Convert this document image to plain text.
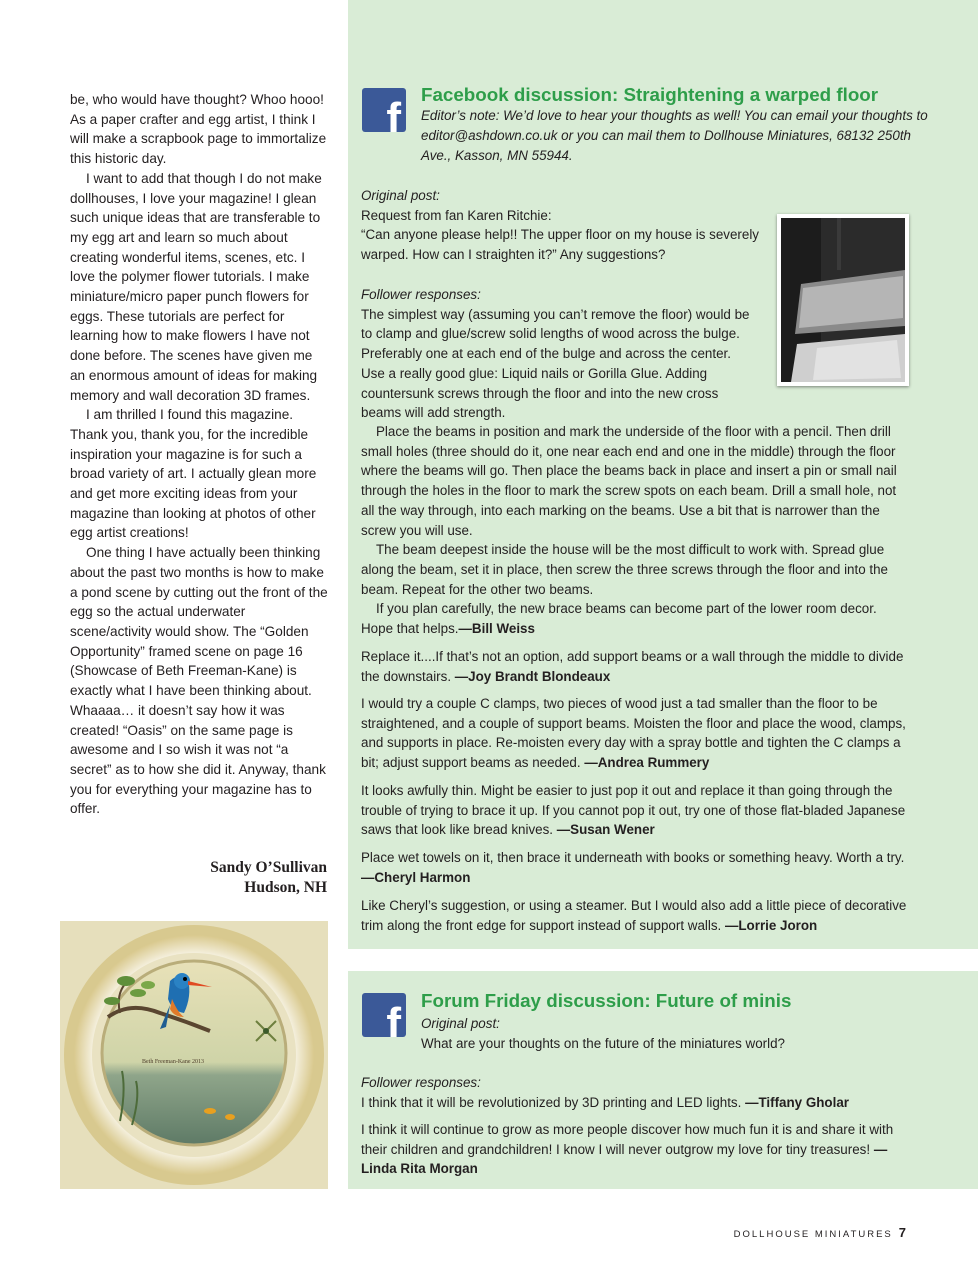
be, who would have thought? Whoo hooo! As a paper crafter and egg artist, I think I will make a scrapbook page to immortalize this historic day.

I want to add that though I do not make dollhouses, I love your magazine! I glean such unique ideas that are transferable to my egg art and learn so much about creating wonderful items, scenes, etc. I love the polymer flower tutorials. I make miniature/micro paper punch flowers for eggs. These tutorials are perfect for learning how to make flowers I have not done before. The scenes have given me an enormous amount of ideas for making memory and wall decoration 3D frames.

I am thrilled I found this magazine. Thank you, thank you, for the incredible inspiration your magazine is for such a broad variety of art. I actually glean more and get more exciting ideas from your magazine than looking at photos of other egg artist creations!

One thing I have actually been thinking about the past two months is how to make a pond scene by cutting out the front of the egg so the actual underwater scene/activity would show. The “Golden Opportunity” framed scene on page 16 (Showcase of Beth Freeman-Kane) is exactly what I have been thinking about. Whaaaa… it doesn’t say how it was created! “Oasis” on the same page is awesome and I so wish it was not “a secret” as to how she did it. Anyway, thank you for everything your magazine has to offer.

Sandy O’Sullivan
Hudson, NH
Beth Freeman-Kane 2013
f Facebook discussion: Straightening a warped floor
Editor’s note: We’d love to hear your thoughts as well! You can email your thoughts to editor@ashdown.co.uk or you can mail them to Dollhouse Miniatures, 68132 250th Ave., Kasson, MN 55944.

Original post:

Request from fan Karen Ritchie:

“Can anyone please help!! The upper floor on my house is severely warped. How can I straighten it?” Any suggestions?

Follower responses:

The simplest way (assuming you can’t remove the floor) would be to clamp and glue/screw solid lengths of wood across the bulge. Preferably one at each end of the bulge and across the center. Use a really good glue: Liquid nails or Gorilla Glue. Adding countersunk screws through the floor and into the new cross beams will add strength.

Place the beams in position and mark the underside of the floor with a pencil. Then drill small holes (three should do it, one near each end and one in the middle) through the floor where the beams will go. Then place the beams back in place and insert a pin or small nail through the holes in the floor to mark the screw spots on each beam. Drill a small hole, not all the way through, into each marking on the beams. Use a bit that is narrower than the screw you will use.

The beam deepest inside the house will be the most difficult to work with. Spread glue along the beam, set it in place, then screw the three screws through the floor and into the beam. Repeat for the other two beams.

If you plan carefully, the new brace beams can become part of the lower room decor. Hope that helps.—Bill Weiss

Replace it....If that’s not an option, add support beams or a wall through the middle to divide the downstairs. —Joy Brandt Blondeaux

I would try a couple C clamps, two pieces of wood just a tad smaller than the floor to be straightened, and a couple of support beams. Moisten the floor and place the wood, clamps, and supports in place. Re-moisten every day with a spray bottle and tighten the C clamps a bit; adjust support beams as needed. —Andrea Rummery

It looks awfully thin. Might be easier to just pop it out and replace it than going through the trouble of trying to brace it up. If you cannot pop it out, try one of those flat-bladed Japanese saws that look like bread knives. —Susan Wener

Place wet towels on it, then brace it underneath with books or something heavy. Worth a try. —Cheryl Harmon

Like Cheryl’s suggestion, or using a steamer. But I would also add a little piece of decorative trim along the front edge for support instead of support walls. —Lorrie Joron

f Forum Friday discussion: Future of minis

Original post:

What are your thoughts on the future of the miniatures world?

Follower responses:

I think that it will be revolutionized by 3D printing and LED lights. —Tiffany Gholar

I think it will continue to grow as more people discover how much fun it is and share it with their children and grandchildren! I know I will never outgrow my love for tiny treasures! —Linda Rita Morgan

DOLLHOUSE MINIATURES 7
